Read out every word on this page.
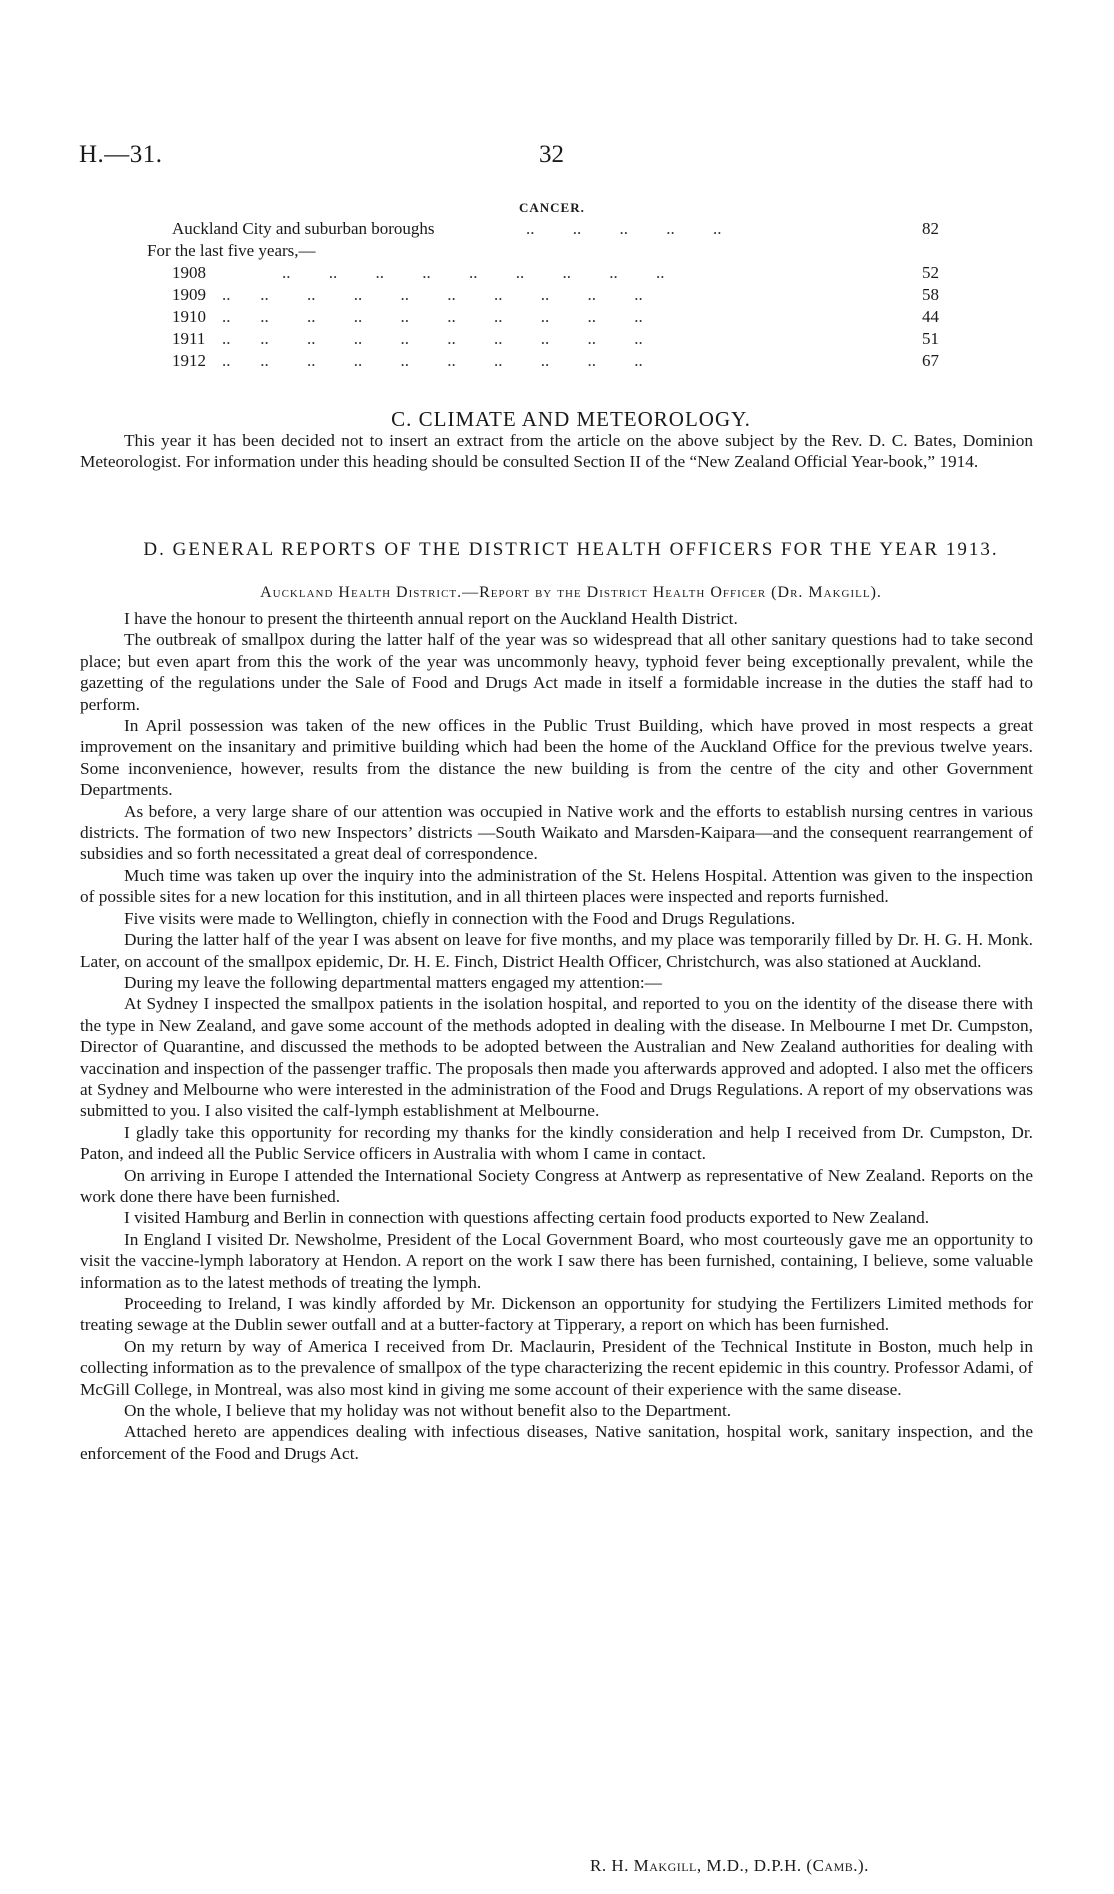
H.—31.	32
CANCER.
Auckland City and suburban boroughs	..         ..         ..         ..         ..	82
For the last five years,—
1908	..         ..         ..         ..         ..         ..         ..         ..         ..	52
1909 ..       ..         ..         ..         ..         ..         ..         ..         ..         ..	58
1910 ..       ..         ..         ..         ..         ..         ..         ..         ..         ..	44
1911 ..       ..         ..         ..         ..         ..         ..         ..         ..         ..	51
1912 ..       ..         ..         ..         ..         ..         ..         ..         ..         ..	67
C. CLIMATE AND METEOROLOGY.

This year it has been decided not to insert an extract from the article on the above subject by the Rev. D. C. Bates, Dominion Meteorologist. For information under this heading should be consulted Section II of the “New Zealand Official Year-book,” 1914.

D. GENERAL REPORTS OF THE DISTRICT HEALTH OFFICERS FOR THE YEAR 1913.
Auckland Health District.—Report by the District Health Officer (Dr. Makgill).

I have the honour to present the thirteenth annual report on the Auckland Health District.

The outbreak of smallpox during the latter half of the year was so widespread that all other sanitary questions had to take second place; but even apart from this the work of the year was uncommonly heavy, typhoid fever being exceptionally prevalent, while the gazetting of the regulations under the Sale of Food and Drugs Act made in itself a formidable increase in the duties the staff had to perform.

In April possession was taken of the new offices in the Public Trust Building, which have proved in most respects a great improvement on the insanitary and primitive building which had been the home of the Auckland Office for the previous twelve years. Some inconvenience, however, results from the distance the new building is from the centre of the city and other Government Departments.

As before, a very large share of our attention was occupied in Native work and the efforts to establish nursing centres in various districts. The formation of two new Inspectors’ districts —South Waikato and Marsden-Kaipara—and the consequent rearrangement of subsidies and so forth necessitated a great deal of correspondence.

Much time was taken up over the inquiry into the administration of the St. Helens Hospital. Attention was given to the inspection of possible sites for a new location for this institution, and in all thirteen places were inspected and reports furnished.

Five visits were made to Wellington, chiefly in connection with the Food and Drugs Regulations.

During the latter half of the year I was absent on leave for five months, and my place was temporarily filled by Dr. H. G. H. Monk. Later, on account of the smallpox epidemic, Dr. H. E. Finch, District Health Officer, Christchurch, was also stationed at Auckland.

During my leave the following departmental matters engaged my attention:—

At Sydney I inspected the smallpox patients in the isolation hospital, and reported to you on the identity of the disease there with the type in New Zealand, and gave some account of the methods adopted in dealing with the disease. In Melbourne I met Dr. Cumpston, Director of Quarantine, and discussed the methods to be adopted between the Australian and New Zealand authorities for dealing with vaccination and inspection of the passenger traffic. The proposals then made you afterwards approved and adopted. I also met the officers at Sydney and Melbourne who were interested in the administration of the Food and Drugs Regulations. A report of my observations was submitted to you. I also visited the calf-lymph establishment at Melbourne.

I gladly take this opportunity for recording my thanks for the kindly consideration and help I received from Dr. Cumpston, Dr. Paton, and indeed all the Public Service officers in Australia with whom I came in contact.

On arriving in Europe I attended the International Society Congress at Antwerp as representative of New Zealand. Reports on the work done there have been furnished.

I visited Hamburg and Berlin in connection with questions affecting certain food products exported to New Zealand.

In England I visited Dr. Newsholme, President of the Local Government Board, who most courteously gave me an opportunity to visit the vaccine-lymph laboratory at Hendon. A report on the work I saw there has been furnished, containing, I believe, some valuable information as to the latest methods of treating the lymph.

Proceeding to Ireland, I was kindly afforded by Mr. Dickenson an opportunity for studying the Fertilizers Limited methods for treating sewage at the Dublin sewer outfall and at a butter-factory at Tipperary, a report on which has been furnished.

On my return by way of America I received from Dr. Maclaurin, President of the Technical Institute in Boston, much help in collecting information as to the prevalence of smallpox of the type characterizing the recent epidemic in this country. Professor Adami, of McGill College, in Montreal, was also most kind in giving me some account of their experience with the same disease.

On the whole, I believe that my holiday was not without benefit also to the Department.

Attached hereto are appendices dealing with infectious diseases, Native sanitation, hospital work, sanitary inspection, and the enforcement of the Food and Drugs Act.

R. H. Makgill, M.D., D.P.H. (Camb.).
